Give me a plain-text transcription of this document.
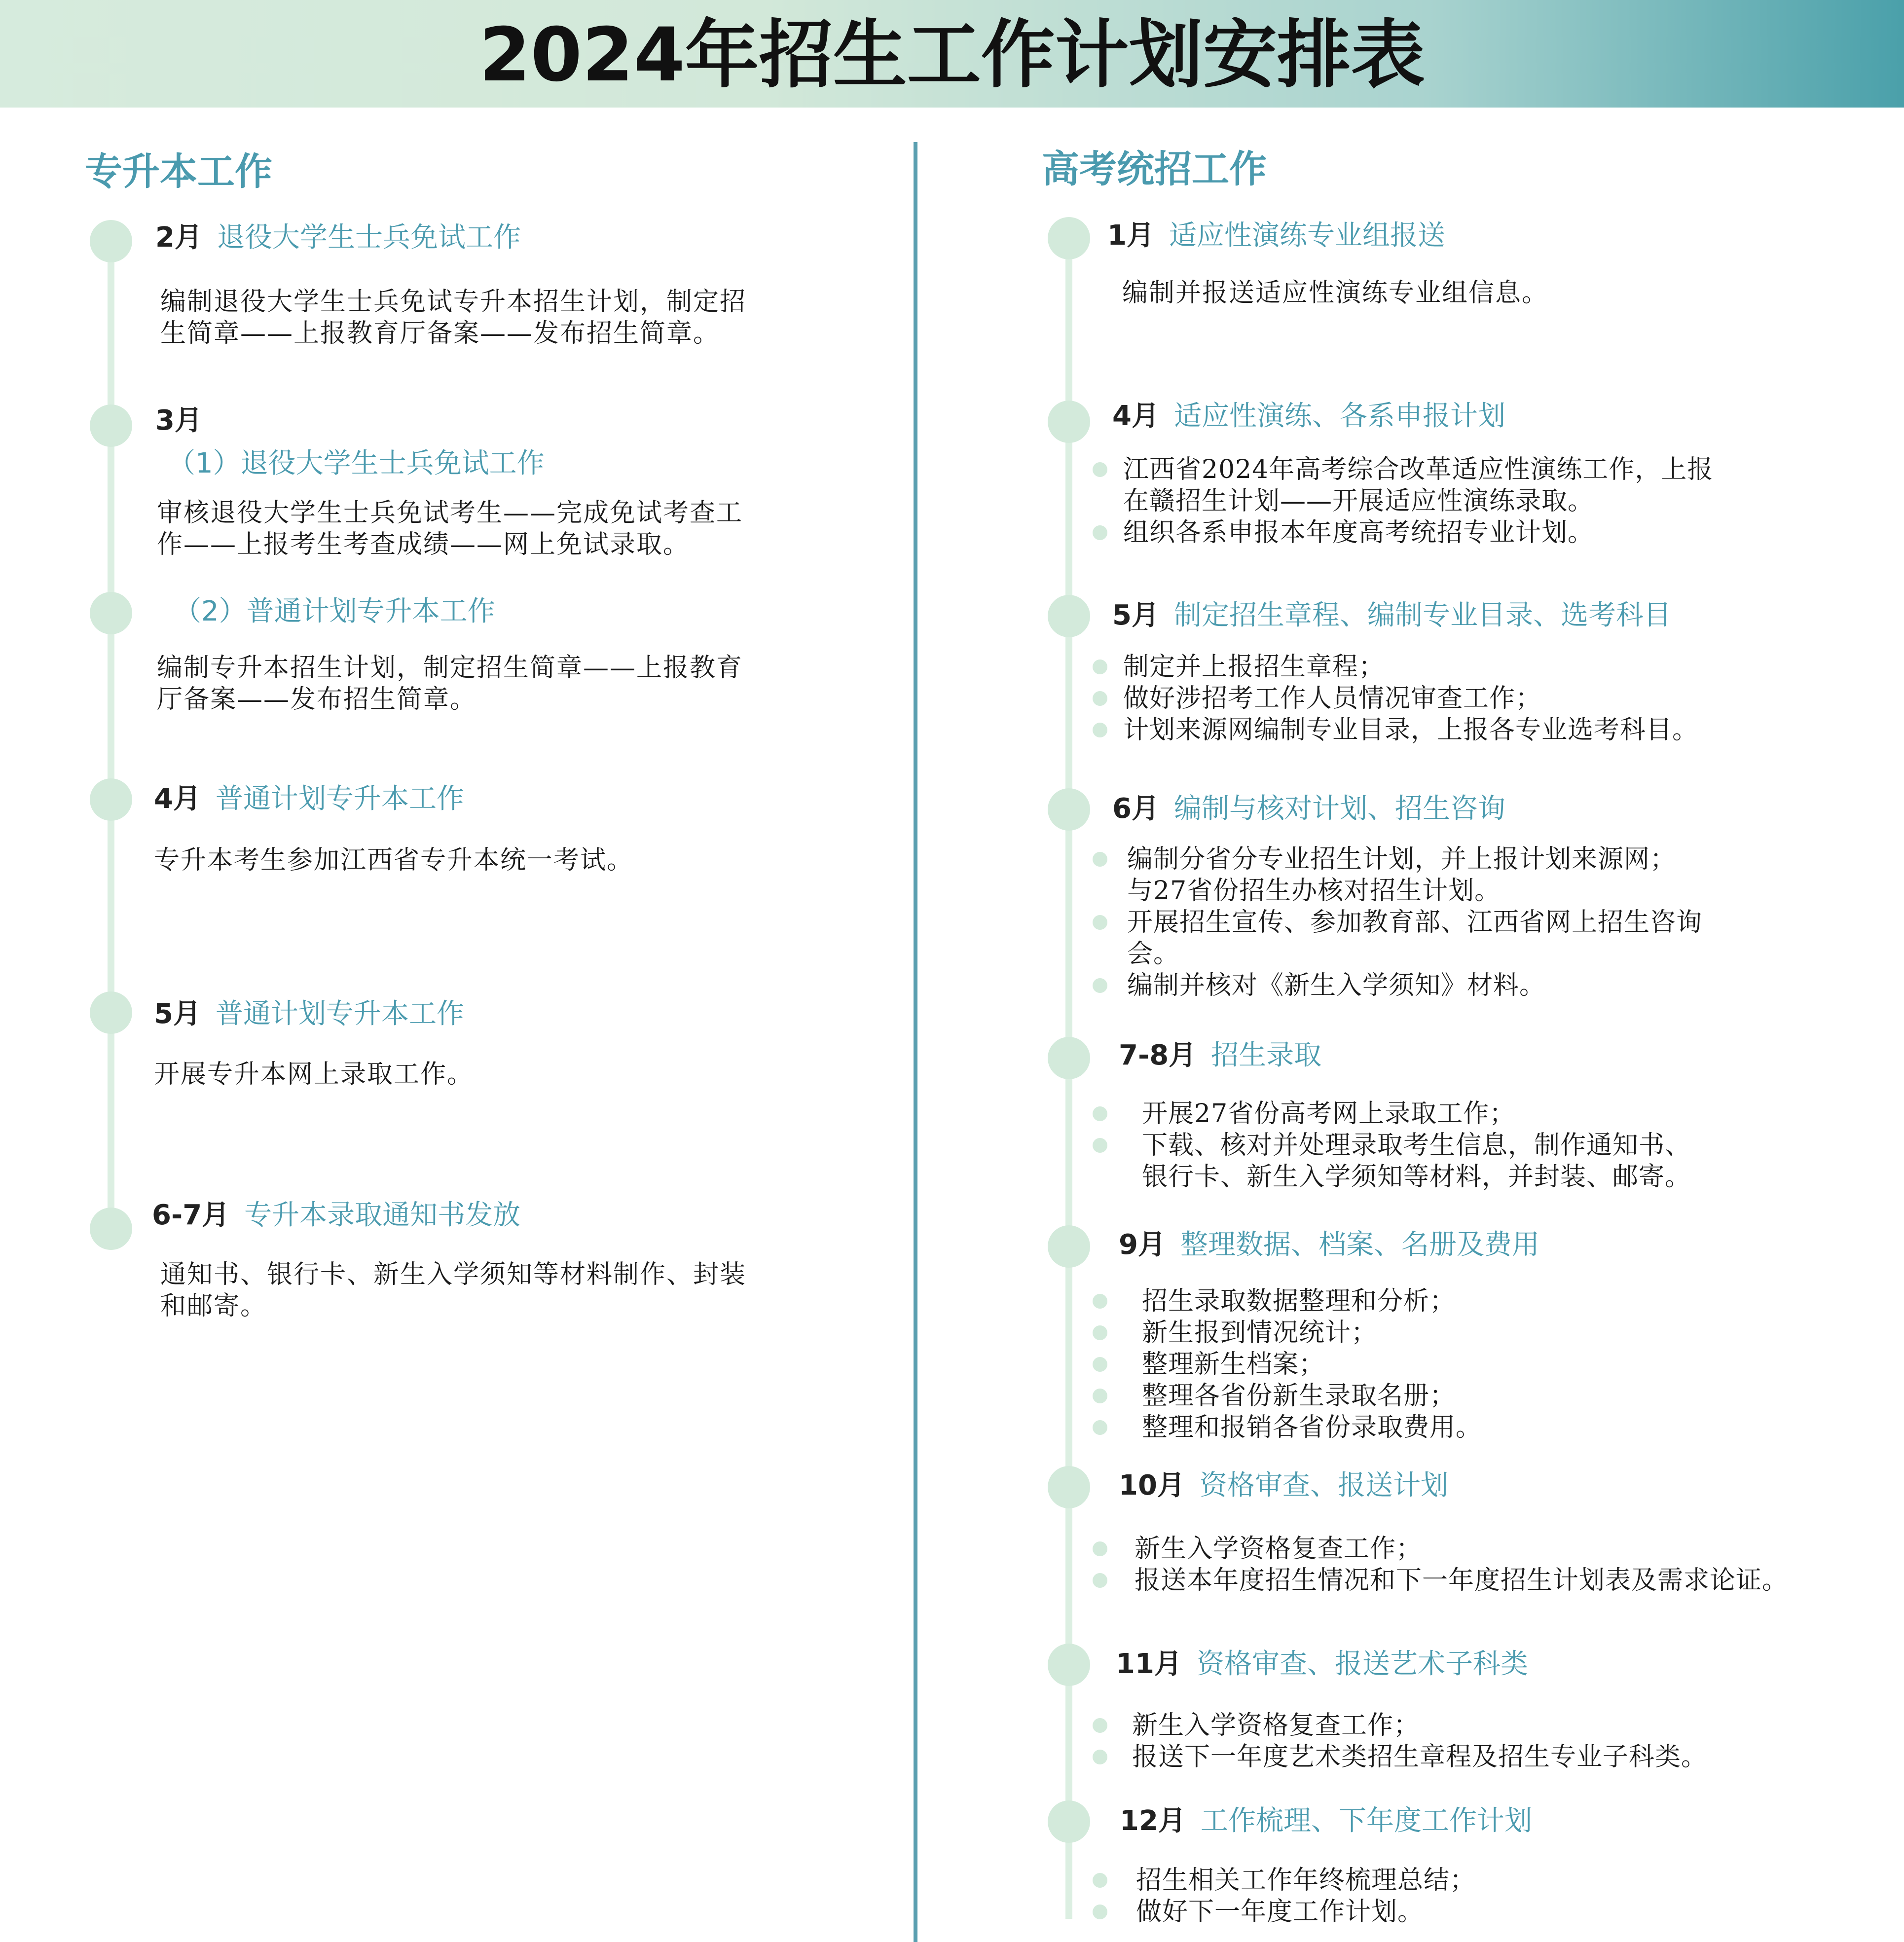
2024年招生工作计划安排表
专升本工作
2月 退役大学生士兵免试工作
编制退役大学生士兵免试专升本招生计划，制定招
生简章——上报教育厅备案——发布招生简章。
3月
（1）退役大学生士兵免试工作
审核退役大学生士兵免试考生——完成免试考查工
作——上报考生考查成绩——网上免试录取。
（2）普通计划专升本工作
编制专升本招生计划，制定招生简章——上报教育
厅备案——发布招生简章。
4月 普通计划专升本工作
专升本考生参加江西省专升本统一考试。
5月 普通计划专升本工作
开展专升本网上录取工作。
6-7月 专升本录取通知书发放
通知书、银行卡、新生入学须知等材料制作、封装
和邮寄。
高考统招工作
1月 适应性演练专业组报送
编制并报送适应性演练专业组信息。
4月 适应性演练、各系申报计划
江西省2024年高考综合改革适应性演练工作，上报
在赣招生计划——开展适应性演练录取。
组织各系申报本年度高考统招专业计划。
5月 制定招生章程、编制专业目录、选考科目
制定并上报招生章程；
做好涉招考工作人员情况审查工作；
计划来源网编制专业目录，上报各专业选考科目。
6月 编制与核对计划、招生咨询
编制分省分专业招生计划，并上报计划来源网；
与27省份招生办核对招生计划。
开展招生宣传、参加教育部、江西省网上招生咨询
会。
编制并核对《新生入学须知》材料。
7-8月 招生录取
开展27省份高考网上录取工作；
下载、核对并处理录取考生信息，制作通知书、
银行卡、新生入学须知等材料，并封装、邮寄。
9月 整理数据、档案、名册及费用
招生录取数据整理和分析；
新生报到情况统计；
整理新生档案；
整理各省份新生录取名册；
整理和报销各省份录取费用。
10月 资格审查、报送计划
新生入学资格复查工作；
报送本年度招生情况和下一年度招生计划表及需求论证。
11月 资格审查、报送艺术子科类
新生入学资格复查工作；
报送下一年度艺术类招生章程及招生专业子科类。
12月 工作梳理、下年度工作计划
招生相关工作年终梳理总结；
做好下一年度工作计划。
